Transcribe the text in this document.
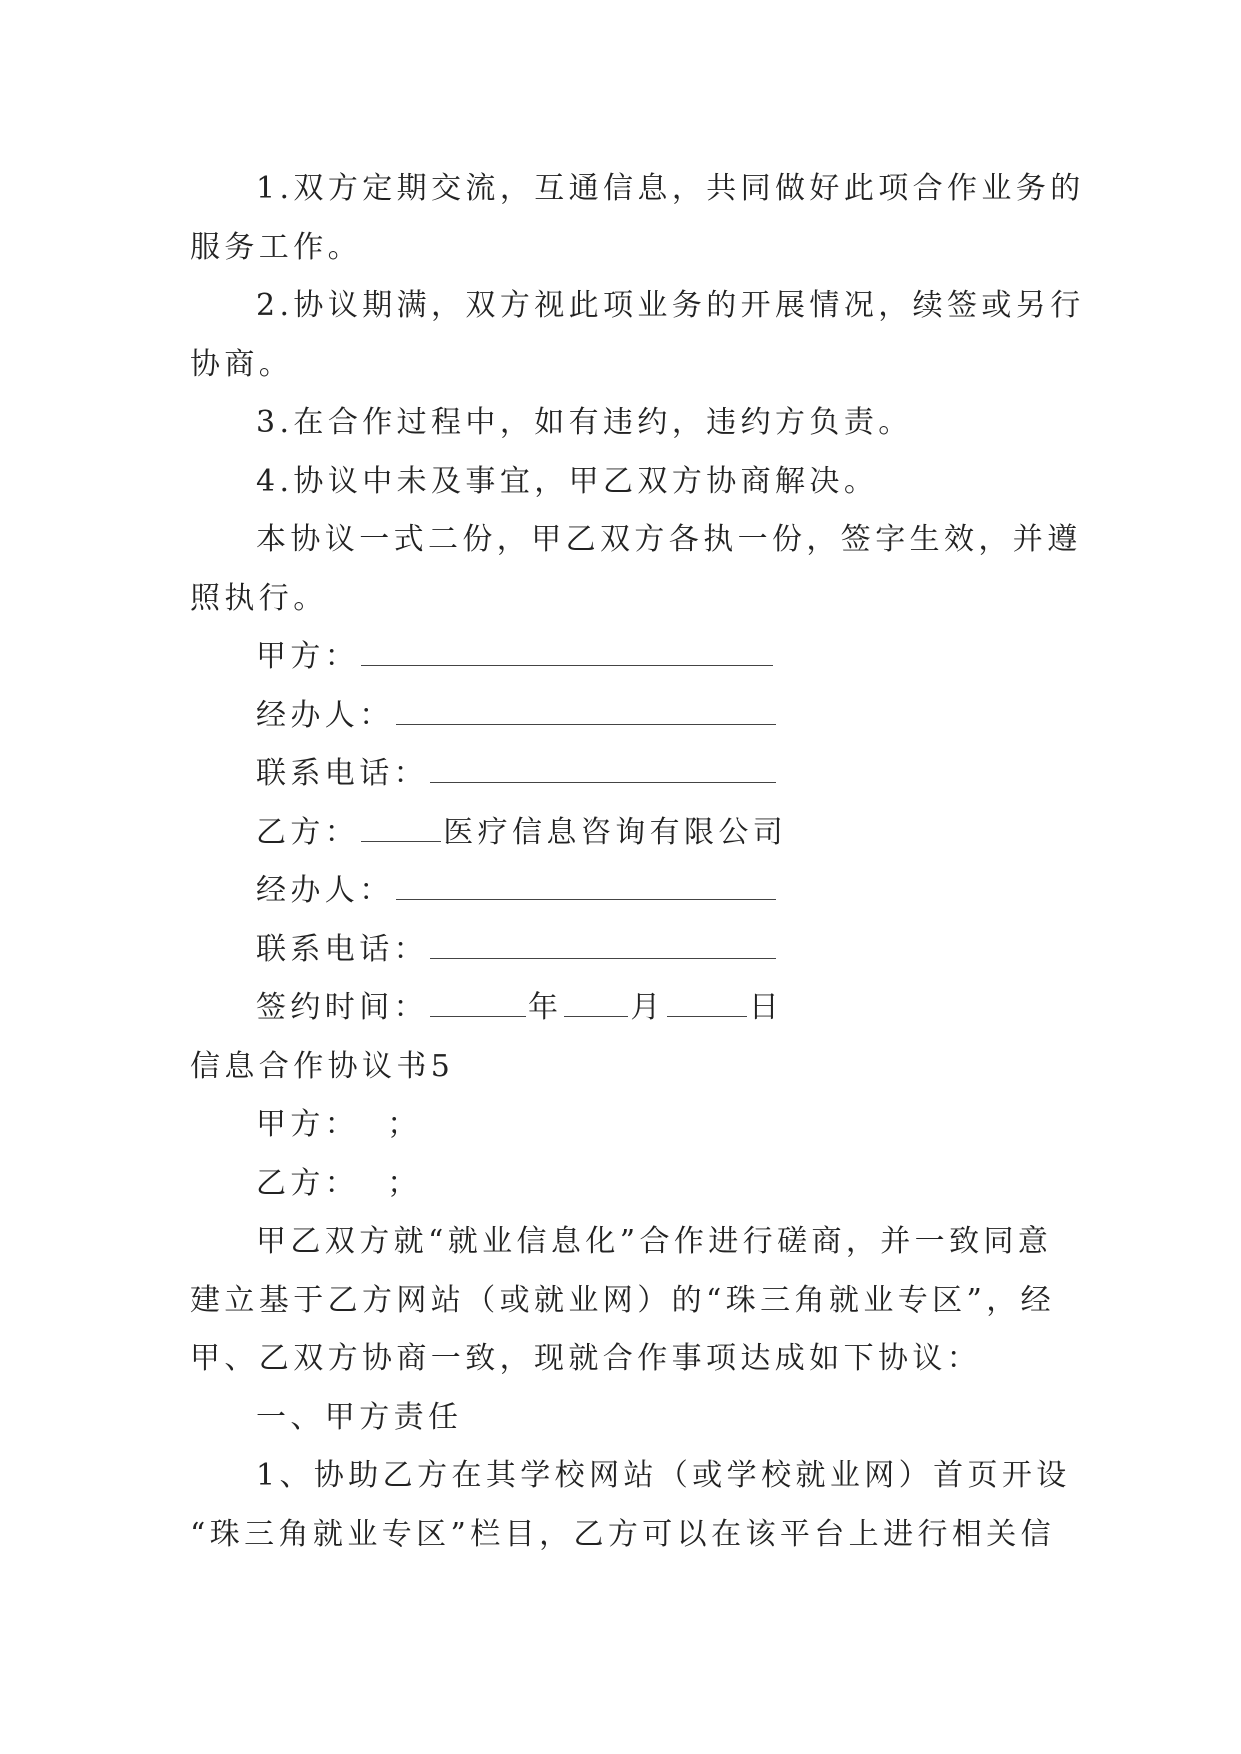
1.双方定期交流，互通信息，共同做好此项合作业务的
服务工作。
2.协议期满，双方视此项业务的开展情况，续签或另行
协商。
3.在合作过程中，如有违约，违约方负责。
4.协议中未及事宜，甲乙双方协商解决。
本协议一式二份，甲乙双方各执一份，签字生效，并遵
照执行。
甲方：
经办人：
联系电话：
乙方：	医疗信息咨询有限公司
经办人：
联系电话：
签约时间：	年 月	日
信息合作协议书5
甲方： ；
乙方： ；
甲乙双方就“就业信息化”合作进行磋商，并一致同意
建立基于乙方网站（或就业网）的“珠三角就业专区”，经
甲、乙双方协商一致，现就合作事项达成如下协议：
一、甲方责任
1、协助乙方在其学校网站（或学校就业网）首页开设
“珠三角就业专区”栏目，乙方可以在该平台上进行相关信
